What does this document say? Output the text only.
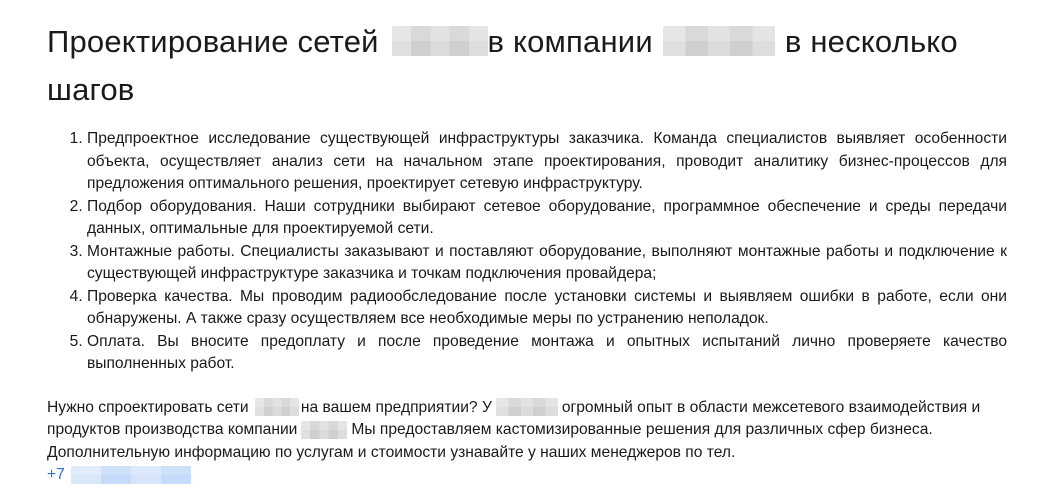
Проектирование сетей	в компании	в несколько шагов
1. Предпроектное исследование существующей инфраструктуры заказчика. Команда специалистов выявляет особенности объекта, осуществляет анализ сети на начальном этапе проектирования, проводит аналитику бизнес-процессов для предложения оптимального решения, проектирует сетевую инфраструктуру.
2. Подбор оборудования. Наши сотрудники выбирают сетевое оборудование, программное обеспечение и среды передачи данных, оптимальные для проектируемой сети.
3. Монтажные работы. Специалисты заказывают и поставляют оборудование, выполняют монтажные работы и подключение к существующей инфраструктуре заказчика и точкам подключения провайдера;
4. Проверка качества. Мы проводим радиообследование после установки системы и выявляем ошибки в работе, если они обнаружены. А также сразу осуществляем все необходимые меры по устранению неполадок.
5. Оплата. Вы вносите предоплату и после проведение монтажа и опытных испытаний лично проверяете качество выполненных работ.
Нужно спроектировать сети	на вашем предприятии? У	огромный опыт в области межсетевого взаимодействия и продуктов производства компании	Мы предоставляем кастомизированные решения для различных сфер бизнеса. Дополнительную информацию по услугам и стоимости узнавайте у наших менеджеров по тел.

+7
